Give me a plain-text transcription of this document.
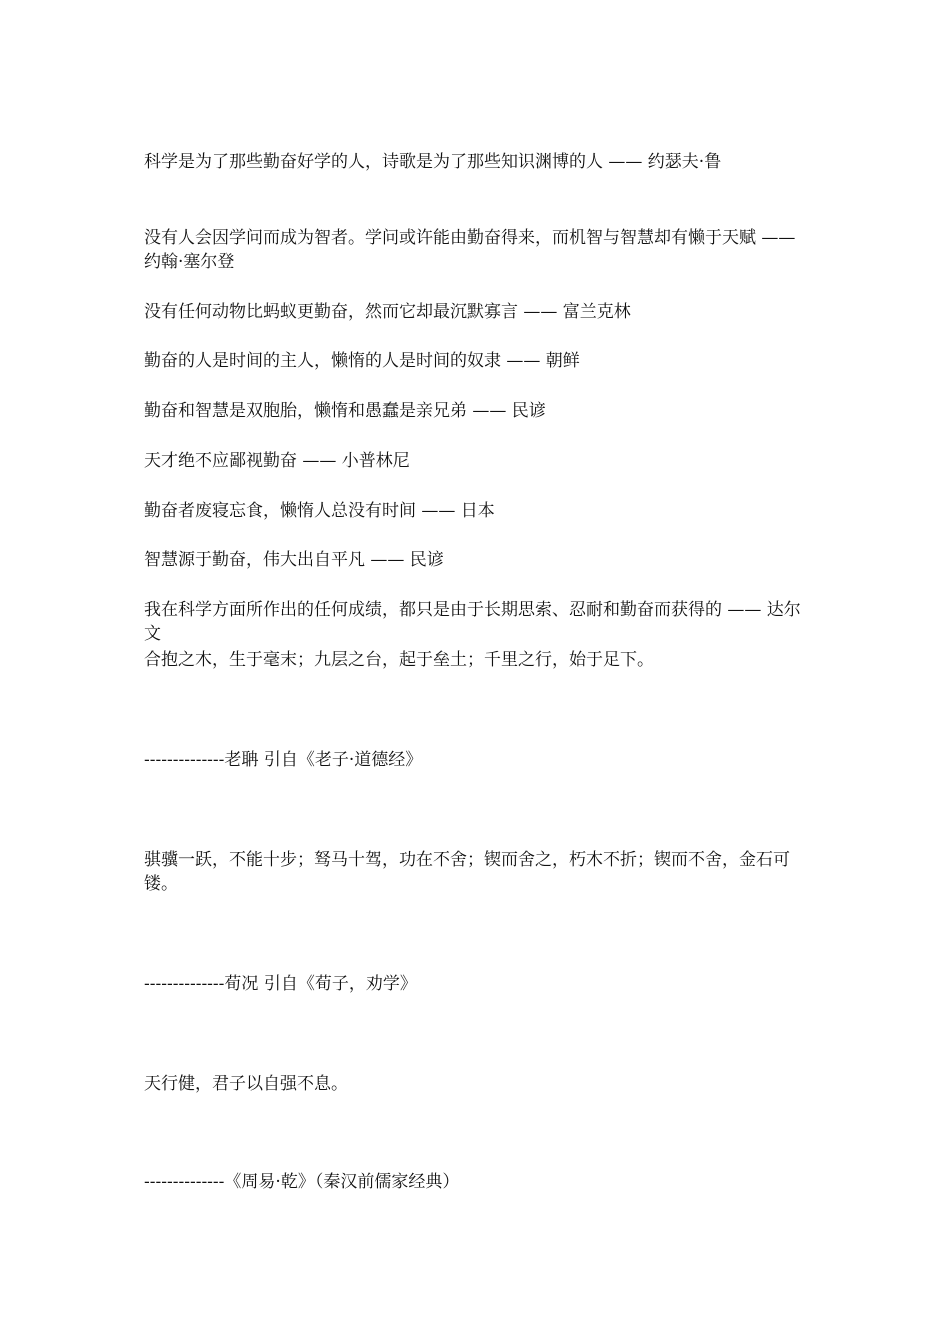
科学是为了那些勤奋好学的人，诗歌是为了那些知识渊博的人 —— 约瑟夫·鲁
没有人会因学问而成为智者。学问或许能由勤奋得来，而机智与智慧却有懒于天赋 —— 约翰·塞尔登
没有任何动物比蚂蚁更勤奋，然而它却最沉默寡言 —— 富兰克林
勤奋的人是时间的主人，懒惰的人是时间的奴隶 —— 朝鲜
勤奋和智慧是双胞胎，懒惰和愚蠢是亲兄弟 —— 民谚
天才绝不应鄙视勤奋 —— 小普林尼
勤奋者废寝忘食，懒惰人总没有时间 —— 日本
智慧源于勤奋，伟大出自平凡 —— 民谚
我在科学方面所作出的任何成绩，都只是由于长期思索、忍耐和勤奋而获得的 —— 达尔文
合抱之木，生于毫末；九层之台，起于垒土；千里之行，始于足下。
--------------老聃 引自《老子·道德经》
骐骥一跃，不能十步；驽马十驾，功在不舍；锲而舍之，朽木不折；锲而不舍，金石可镂。
--------------荀况 引自《荀子，劝学》
天行健，君子以自强不息。
--------------《周易·乾》（秦汉前儒家经典）
